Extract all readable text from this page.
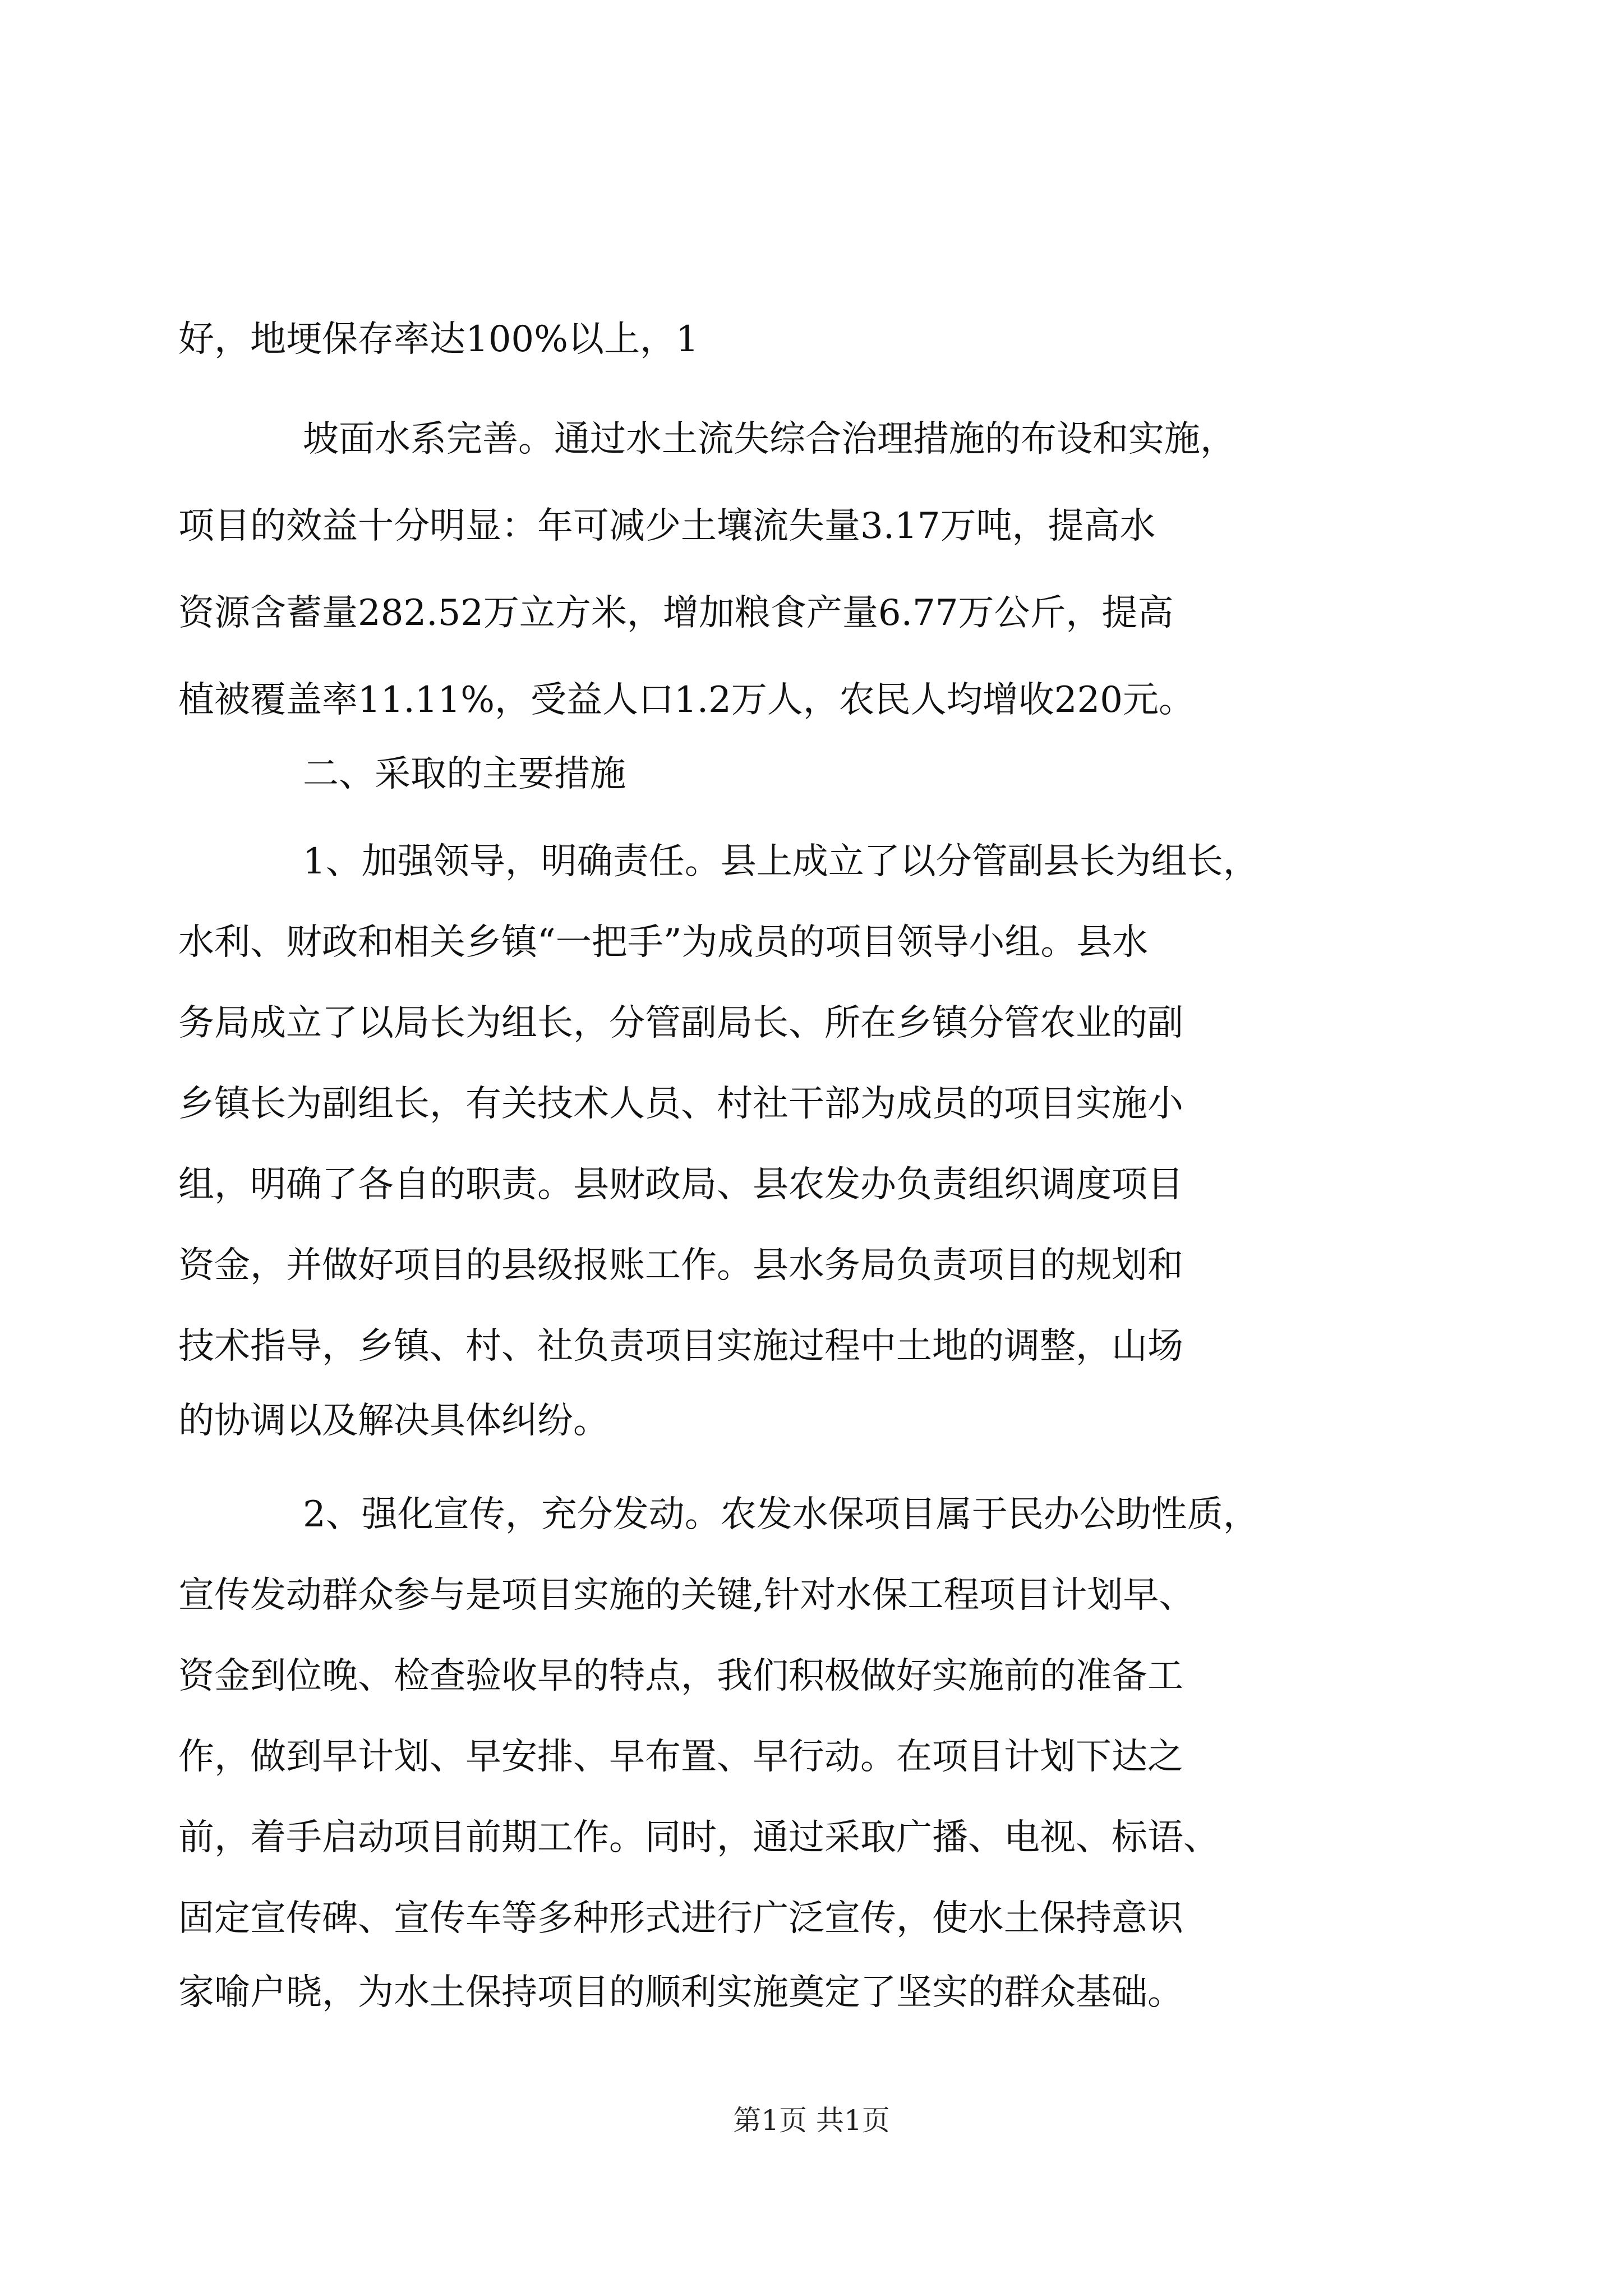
好，地埂保存率达100%以上，1

坡面水系完善。通过水土流失综合治理措施的布设和实施，

项目的效益十分明显：年可减少土壤流失量3.17万吨，提高水

资源含蓄量282.52万立方米，增加粮食产量6.77万公斤，提高

植被覆盖率11.11%，受益人口1.2万人，农民人均增收220元。

二、采取的主要措施

1、加强领导，明确责任。县上成立了以分管副县长为组长，

水利、财政和相关乡镇“一把手”为成员的项目领导小组。县水

务局成立了以局长为组长，分管副局长、所在乡镇分管农业的副

乡镇长为副组长，有关技术人员、村社干部为成员的项目实施小

组，明确了各自的职责。县财政局、县农发办负责组织调度项目

资金，并做好项目的县级报账工作。县水务局负责项目的规划和

技术指导，乡镇、村、社负责项目实施过程中土地的调整，山场

的协调以及解决具体纠纷。

2、强化宣传，充分发动。农发水保项目属于民办公助性质，

宣传发动群众参与是项目实施的关键,针对水保工程项目计划早、

资金到位晚、检查验收早的特点，我们积极做好实施前的准备工

作，做到早计划、早安排、早布置、早行动。在项目计划下达之

前，着手启动项目前期工作。同时，通过采取广播、电视、标语、

固定宣传碑、宣传车等多种形式进行广泛宣传，使水土保持意识

家喻户晓，为水土保持项目的顺利实施奠定了坚实的群众基础。

第1页 共1页
